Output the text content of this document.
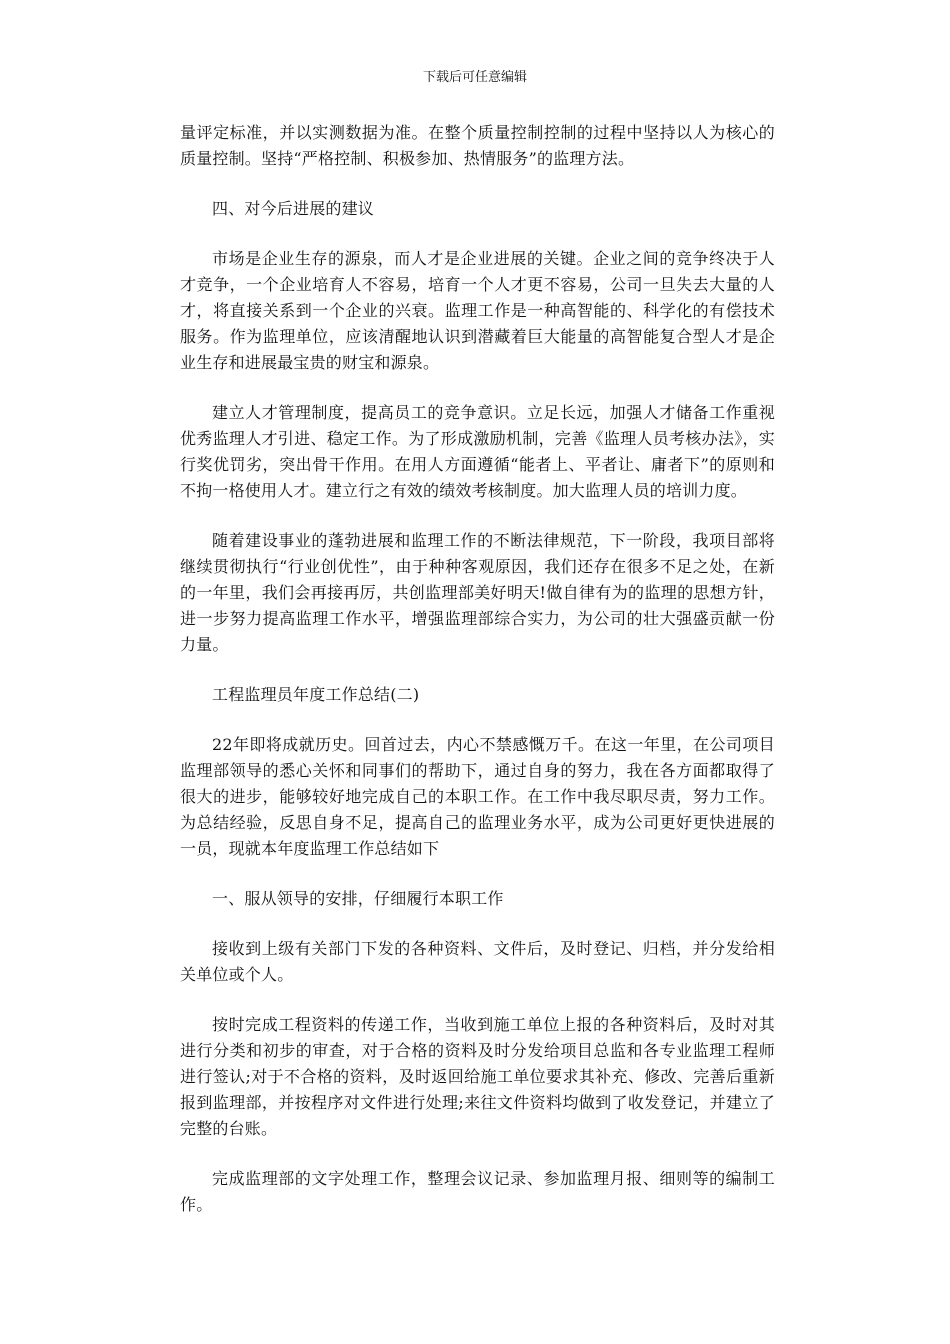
下载后可任意编辑

量评定标准，并以实测数据为准。在整个质量控制控制的过程中坚持以人为核心的质量控制。坚持“严格控制、积极参加、热情服务”的监理方法。

四、对今后进展的建议

市场是企业生存的源泉，而人才是企业进展的关键。企业之间的竞争终决于人才竞争，一个企业培育人不容易，培育一个人才更不容易，公司一旦失去大量的人才，将直接关系到一个企业的兴衰。监理工作是一种高智能的、科学化的有偿技术服务。作为监理单位，应该清醒地认识到潜藏着巨大能量的高智能复合型人才是企业生存和进展最宝贵的财宝和源泉。

建立人才管理制度，提高员工的竞争意识。立足长远，加强人才储备工作重视优秀监理人才引进、稳定工作。为了形成激励机制，完善《监理人员考核办法》，实行奖优罚劣，突出骨干作用。在用人方面遵循“能者上、平者让、庸者下”的原则和不拘一格使用人才。建立行之有效的绩效考核制度。加大监理人员的培训力度。

随着建设事业的蓬勃进展和监理工作的不断法律规范，下一阶段，我项目部将继续贯彻执行“行业创优性”，由于种种客观原因，我们还存在很多不足之处，在新的一年里，我们会再接再厉，共创监理部美好明天!做自律有为的监理的思想方针，进一步努力提高监理工作水平，增强监理部综合实力，为公司的壮大强盛贡献一份力量。

工程监理员年度工作总结(二)

22年即将成就历史。回首过去，内心不禁感慨万千。在这一年里，在公司项目监理部领导的悉心关怀和同事们的帮助下，通过自身的努力，我在各方面都取得了很大的进步，能够较好地完成自己的本职工作。在工作中我尽职尽责，努力工作。为总结经验，反思自身不足，提高自己的监理业务水平，成为公司更好更快进展的一员，现就本年度监理工作总结如下

一、服从领导的安排，仔细履行本职工作

接收到上级有关部门下发的各种资料、文件后，及时登记、归档，并分发给相关单位或个人。

按时完成工程资料的传递工作，当收到施工单位上报的各种资料后，及时对其进行分类和初步的审查，对于合格的资料及时分发给项目总监和各专业监理工程师进行签认;对于不合格的资料，及时返回给施工单位要求其补充、修改、完善后重新报到监理部，并按程序对文件进行处理;来往文件资料均做到了收发登记，并建立了完整的台账。

完成监理部的文字处理工作，整理会议记录、参加监理月报、细则等的编制工作。
